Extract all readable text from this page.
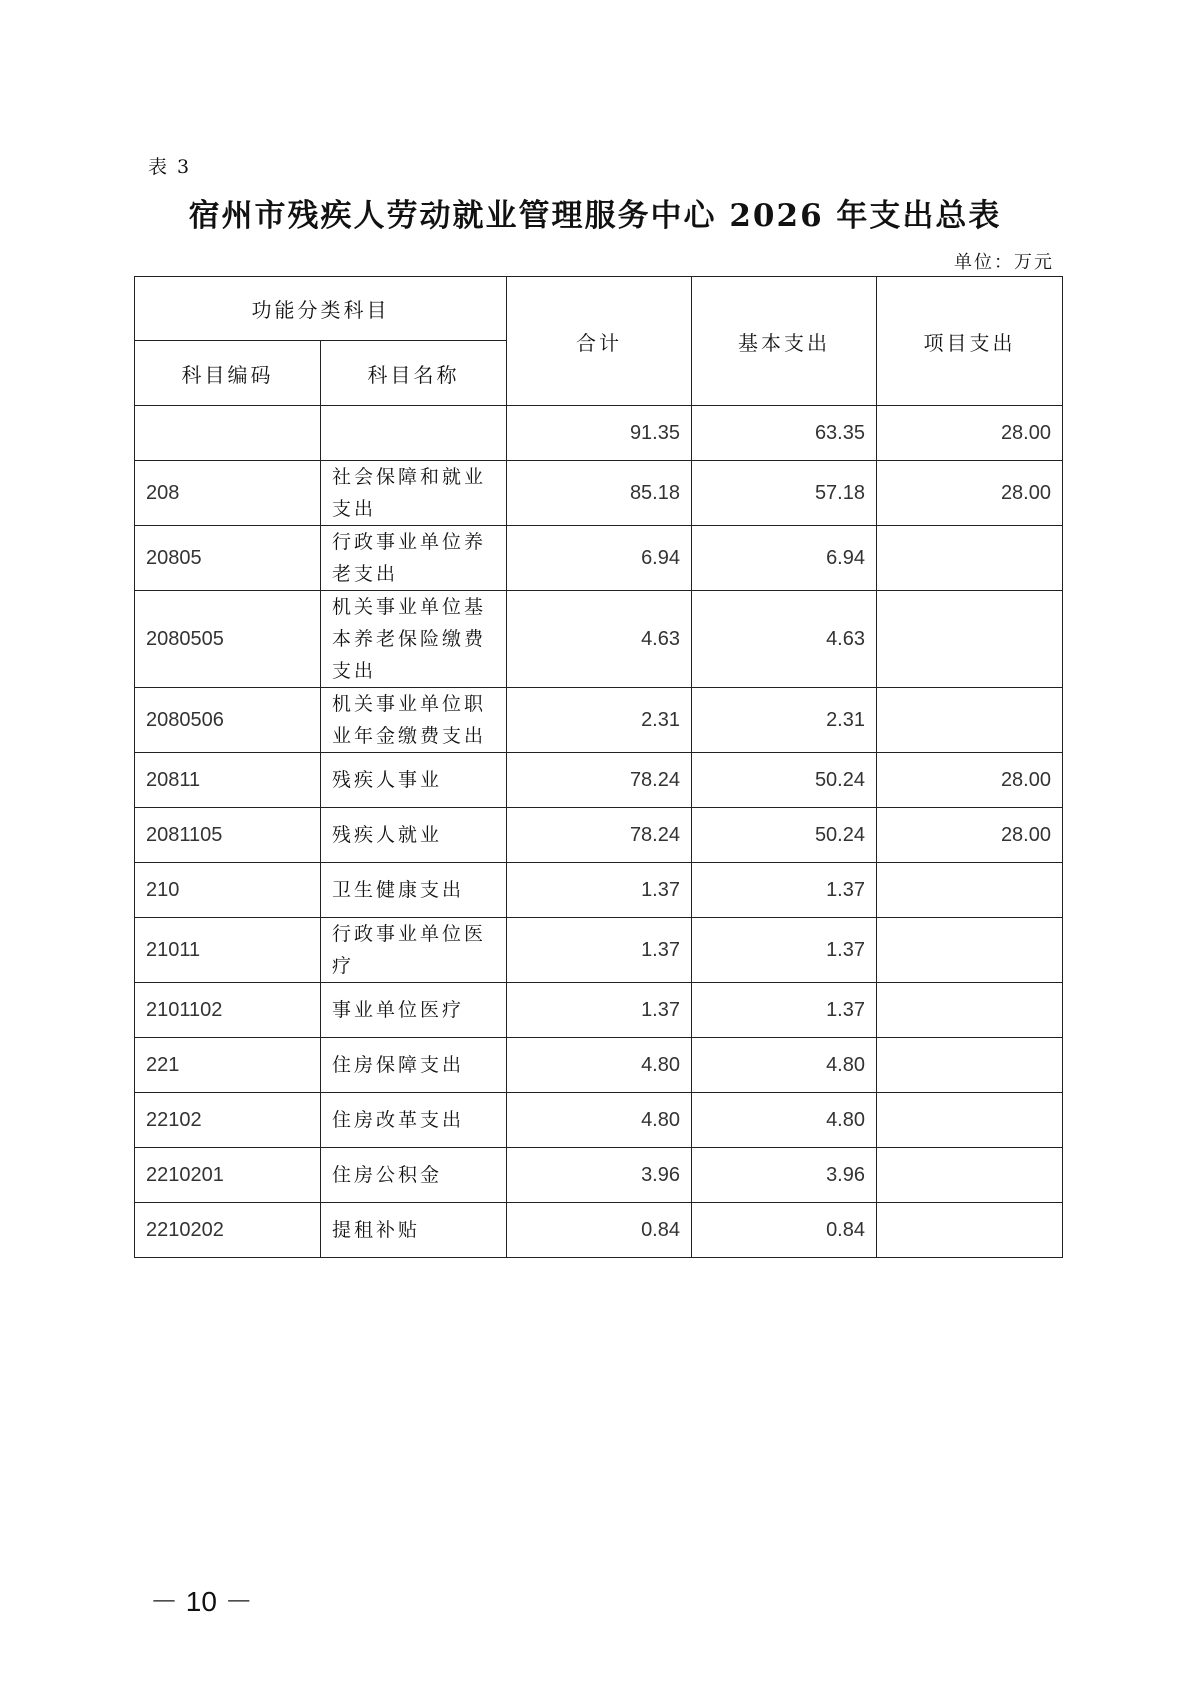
表 3
宿州市残疾人劳动就业管理服务中心 2026 年支出总表
单位：万元
功能分类科目		合计	基本支出	项目支出
科目编码	科目名称			
		91.35	63.35	28.00
208	社会保障和就业支出	85.18	57.18	28.00
20805	行政事业单位养老支出	6.94	6.94	
2080505	机关事业单位基本养老保险缴费支出	4.63	4.63	
2080506	机关事业单位职业年金缴费支出	2.31	2.31	
20811	残疾人事业	78.24	50.24	28.00
2081105	残疾人就业	78.24	50.24	28.00
210	卫生健康支出	1.37	1.37	
21011	行政事业单位医疗	1.37	1.37	
2101102	事业单位医疗	1.37	1.37	
221	住房保障支出	4.80	4.80	
22102	住房改革支出	4.80	4.80	
2210201	住房公积金	3.96	3.96	
2210202	提租补贴	0.84	0.84	
－ 10 －
